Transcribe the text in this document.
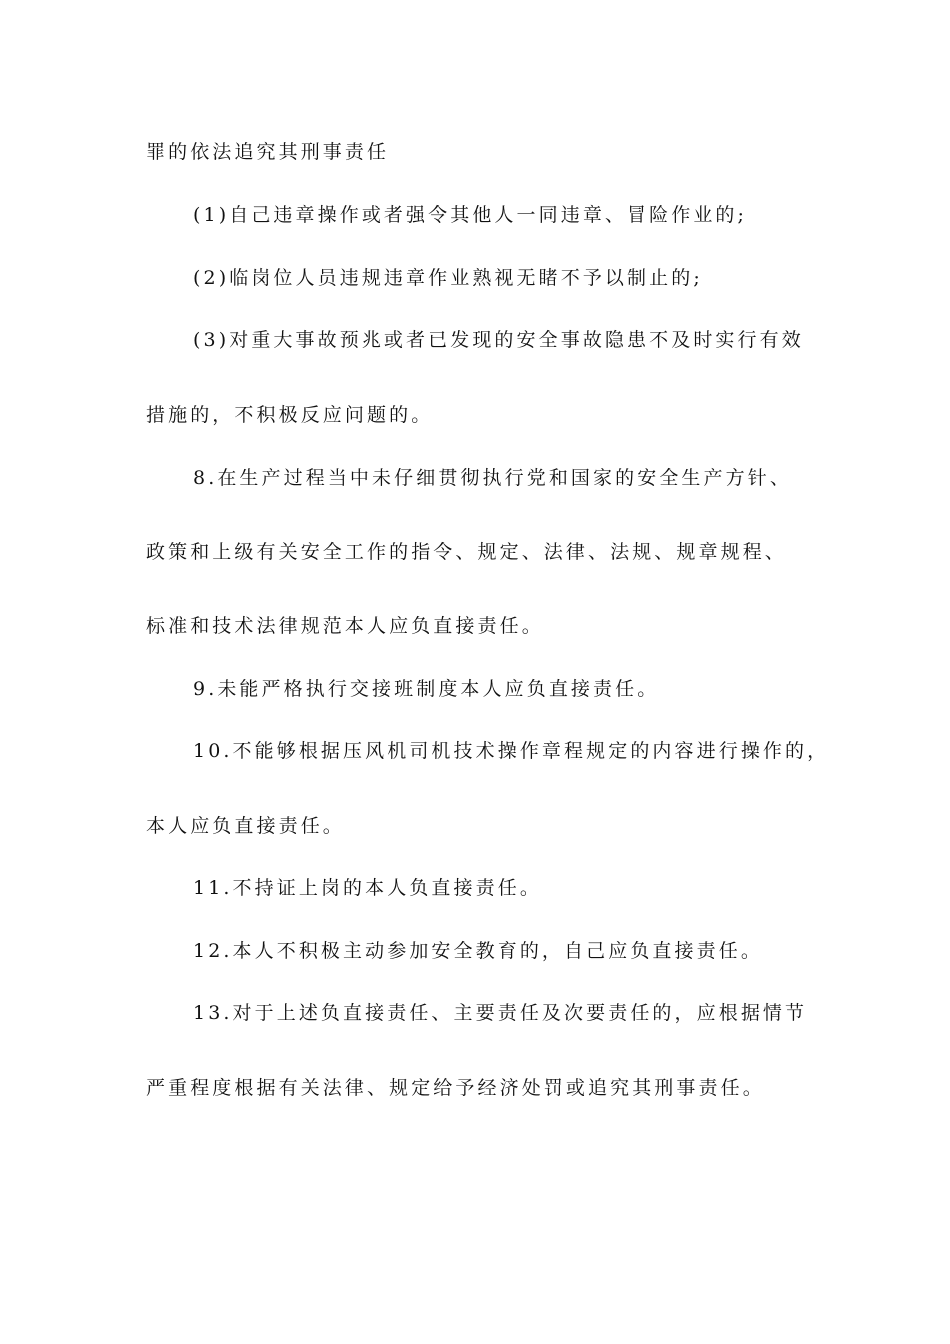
罪的依法追究其刑事责任
(1)自己违章操作或者强令其他人一同违章、冒险作业的;
(2)临岗位人员违规违章作业熟视无睹不予以制止的;
(3)对重大事故预兆或者已发现的安全事故隐患不及时实行有效
措施的，不积极反应问题的。
8.在生产过程当中未仔细贯彻执行党和国家的安全生产方针、
政策和上级有关安全工作的指令、规定、法律、法规、规章规程、
标准和技术法律规范本人应负直接责任。
9.未能严格执行交接班制度本人应负直接责任。
10.不能够根据压风机司机技术操作章程规定的内容进行操作的，
本人应负直接责任。
11.不持证上岗的本人负直接责任。
12.本人不积极主动参加安全教育的，自己应负直接责任。
13.对于上述负直接责任、主要责任及次要责任的，应根据情节
严重程度根据有关法律、规定给予经济处罚或追究其刑事责任。
